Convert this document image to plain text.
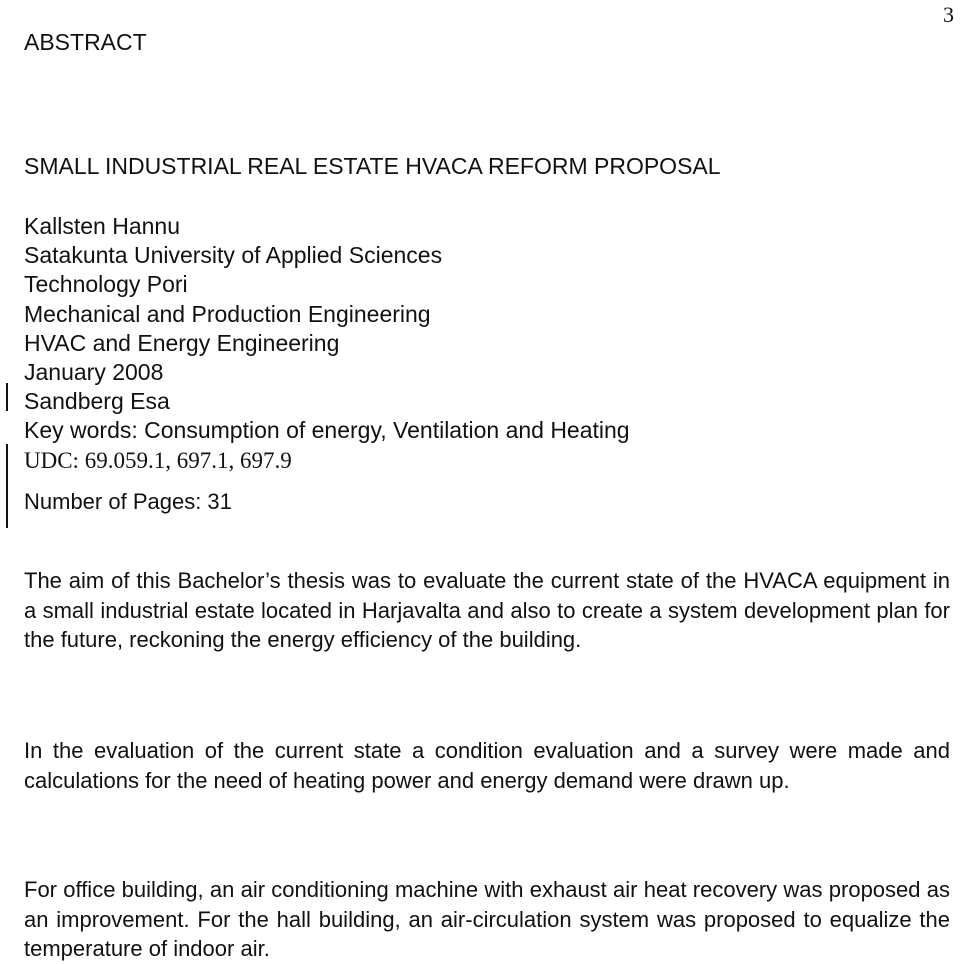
3
ABSTRACT
SMALL INDUSTRIAL REAL ESTATE HVACA REFORM PROPOSAL
Kallsten Hannu
Satakunta University of Applied Sciences
Technology Pori
Mechanical and Production Engineering
HVAC and Energy Engineering
January 2008
Sandberg Esa
Key words: Consumption of energy, Ventilation and Heating
UDC: 69.059.1, 697.1, 697.9
Number of Pages: 31

The aim of this Bachelor’s thesis was to evaluate the current state of the HVACA equipment in a small industrial estate located in Harjavalta and also to create a system development plan for the future, reckoning the energy efficiency of the building.

In the evaluation of the current state a condition evaluation and a survey were made and calculations for the need of heating power and energy demand were drawn up.

For office building, an air conditioning machine with exhaust air heat recovery was proposed as an improvement. For the hall building, an air-circulation system was proposed to equalize the temperature of indoor air.
